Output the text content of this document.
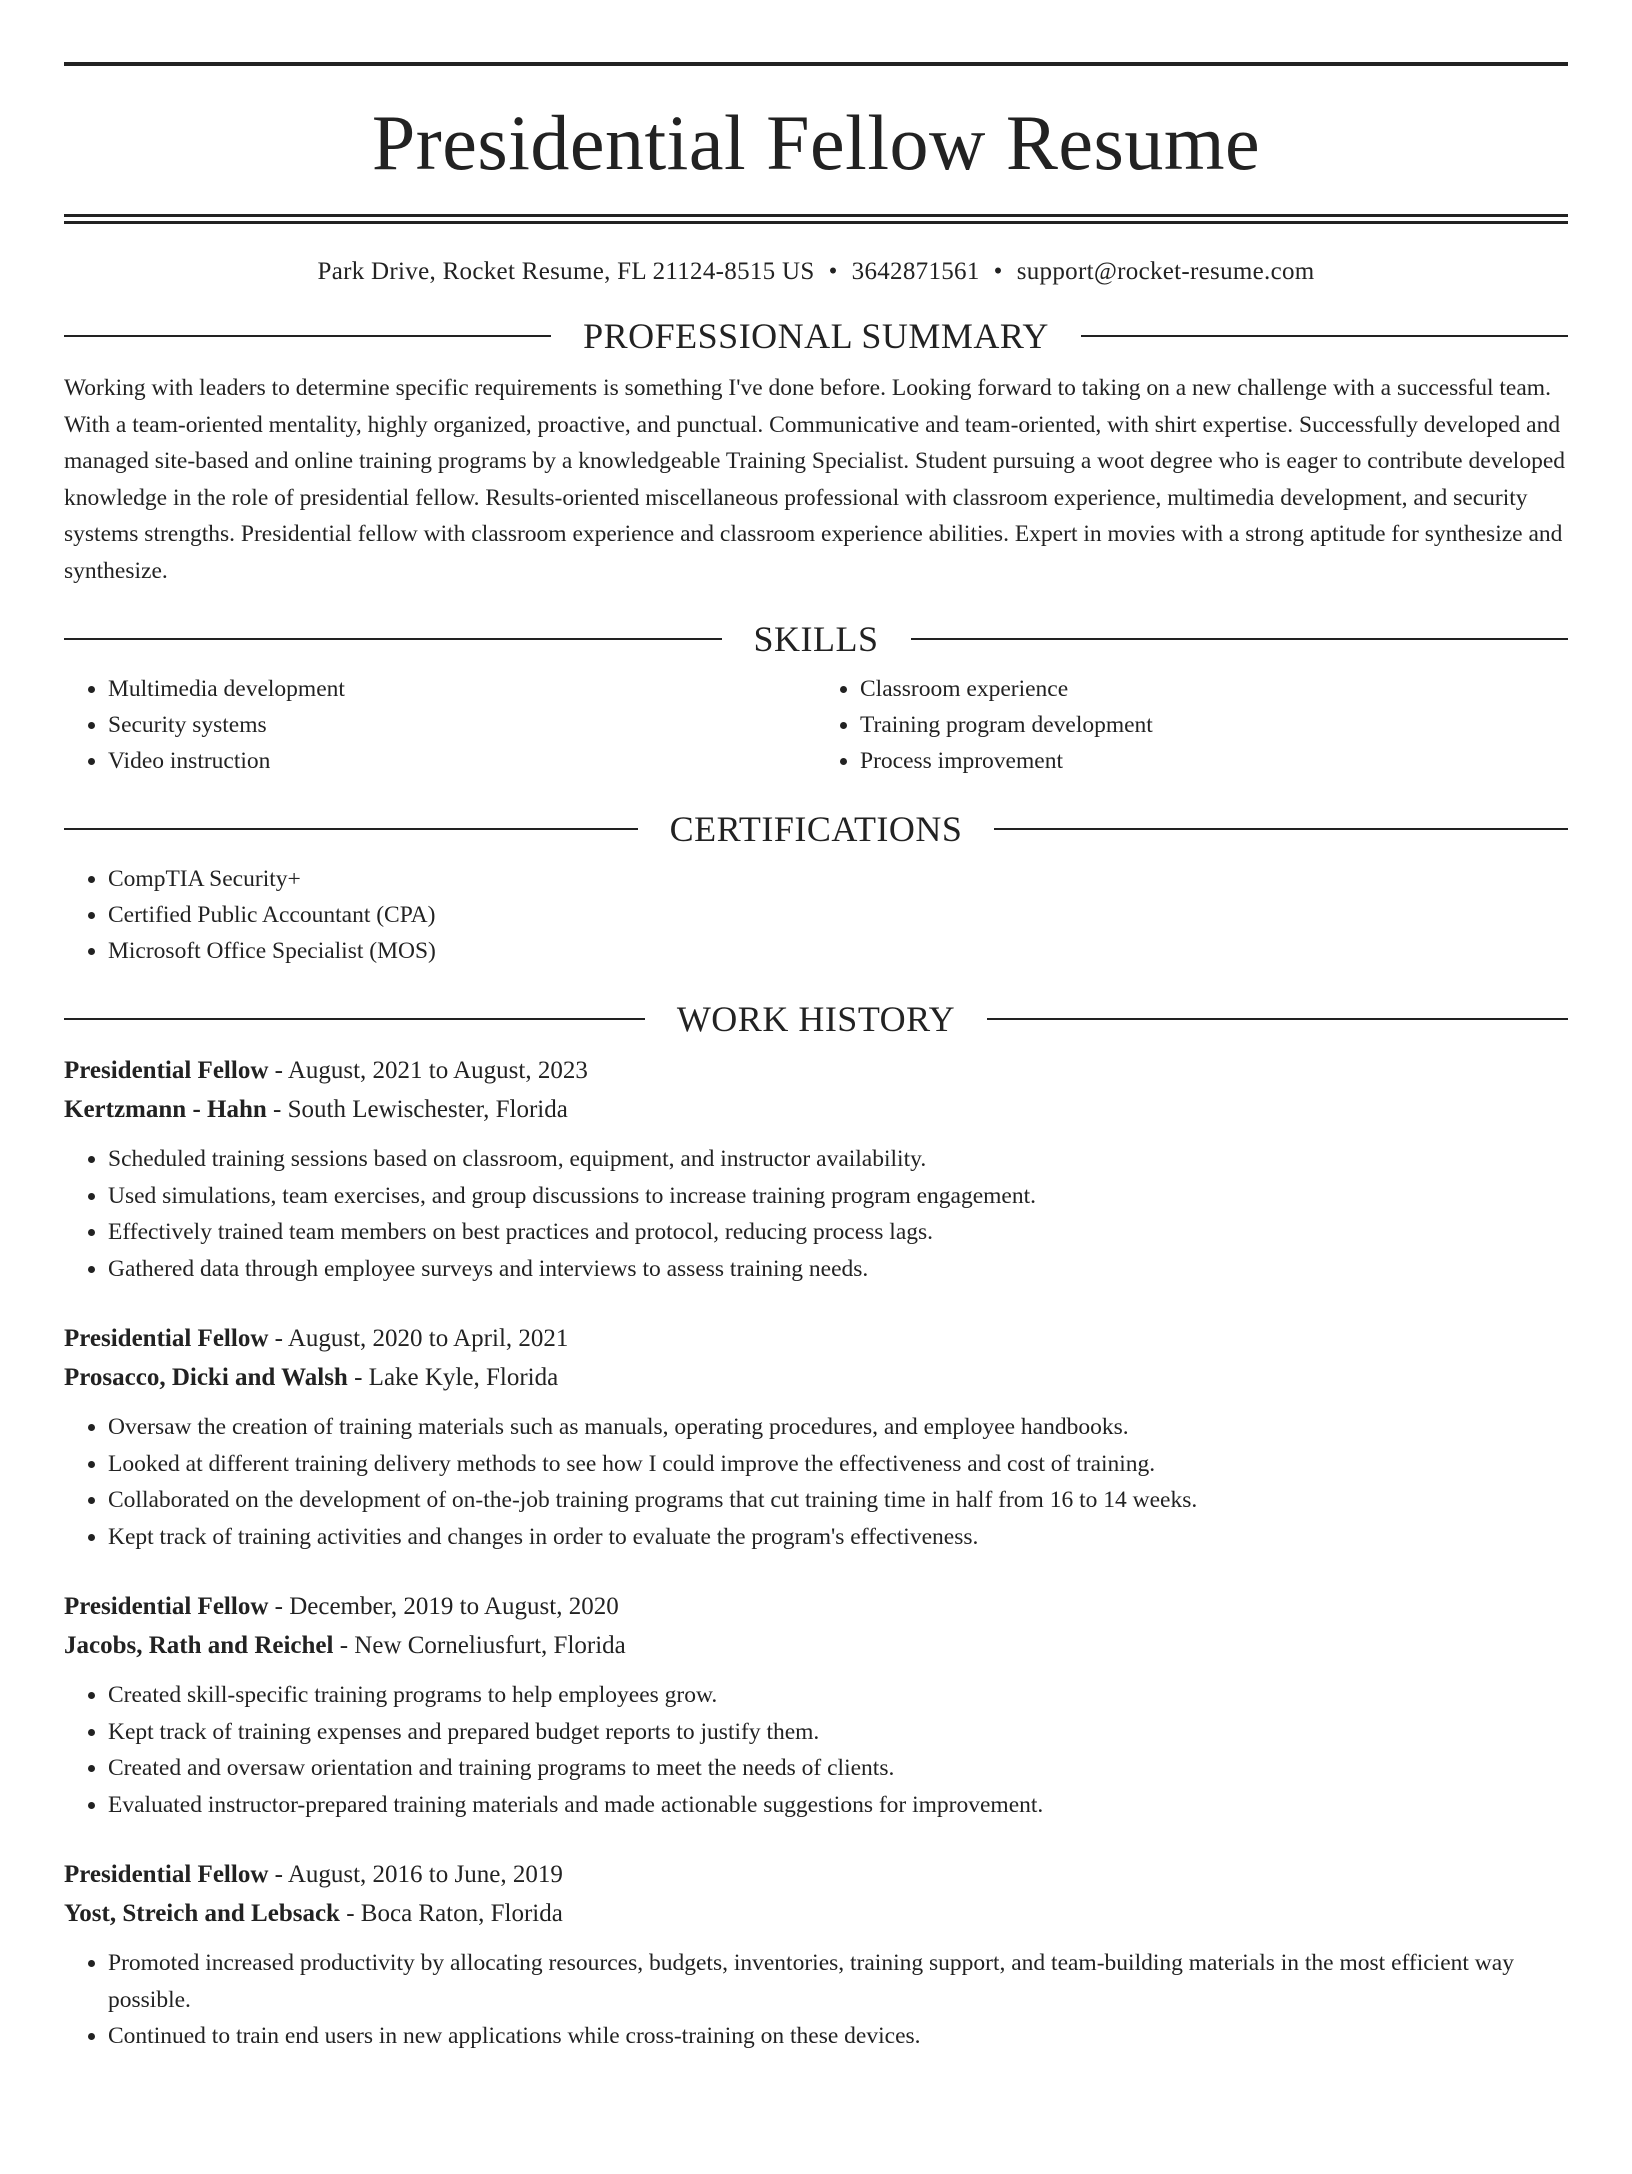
Presidential Fellow Resume
Park Drive, Rocket Resume, FL 21124-8515 US • 3642871561 • support@rocket-resume.com
PROFESSIONAL SUMMARY

Working with leaders to determine specific requirements is something I've done before. Looking forward to taking on a new challenge with a successful team. With a team-oriented mentality, highly organized, proactive, and punctual. Communicative and team-oriented, with shirt expertise. Successfully developed and managed site-based and online training programs by a knowledgeable Training Specialist. Student pursuing a woot degree who is eager to contribute developed knowledge in the role of presidential fellow. Results-oriented miscellaneous professional with classroom experience, multimedia development, and security systems strengths. Presidential fellow with classroom experience and classroom experience abilities. Expert in movies with a strong aptitude for synthesize and synthesize.

SKILLS
• Multimedia development
• Security systems
• Video instruction
• Classroom experience
• Training program development
• Process improvement
CERTIFICATIONS
• CompTIA Security+
• Certified Public Accountant (CPA)
• Microsoft Office Specialist (MOS)
WORK HISTORY
Presidential Fellow - August, 2021 to August, 2023
Kertzmann - Hahn - South Lewischester, Florida
• Scheduled training sessions based on classroom, equipment, and instructor availability.
• Used simulations, team exercises, and group discussions to increase training program engagement.
• Effectively trained team members on best practices and protocol, reducing process lags.
• Gathered data through employee surveys and interviews to assess training needs.
Presidential Fellow - August, 2020 to April, 2021
Prosacco, Dicki and Walsh - Lake Kyle, Florida
• Oversaw the creation of training materials such as manuals, operating procedures, and employee handbooks.
• Looked at different training delivery methods to see how I could improve the effectiveness and cost of training.
• Collaborated on the development of on-the-job training programs that cut training time in half from 16 to 14 weeks.
• Kept track of training activities and changes in order to evaluate the program's effectiveness.
Presidential Fellow - December, 2019 to August, 2020
Jacobs, Rath and Reichel - New Corneliusfurt, Florida
• Created skill-specific training programs to help employees grow.
• Kept track of training expenses and prepared budget reports to justify them.
• Created and oversaw orientation and training programs to meet the needs of clients.
• Evaluated instructor-prepared training materials and made actionable suggestions for improvement.
Presidential Fellow - August, 2016 to June, 2019
Yost, Streich and Lebsack - Boca Raton, Florida
• Promoted increased productivity by allocating resources, budgets, inventories, training support, and team-building materials in the most efficient way possible.
• Continued to train end users in new applications while cross-training on these devices.
